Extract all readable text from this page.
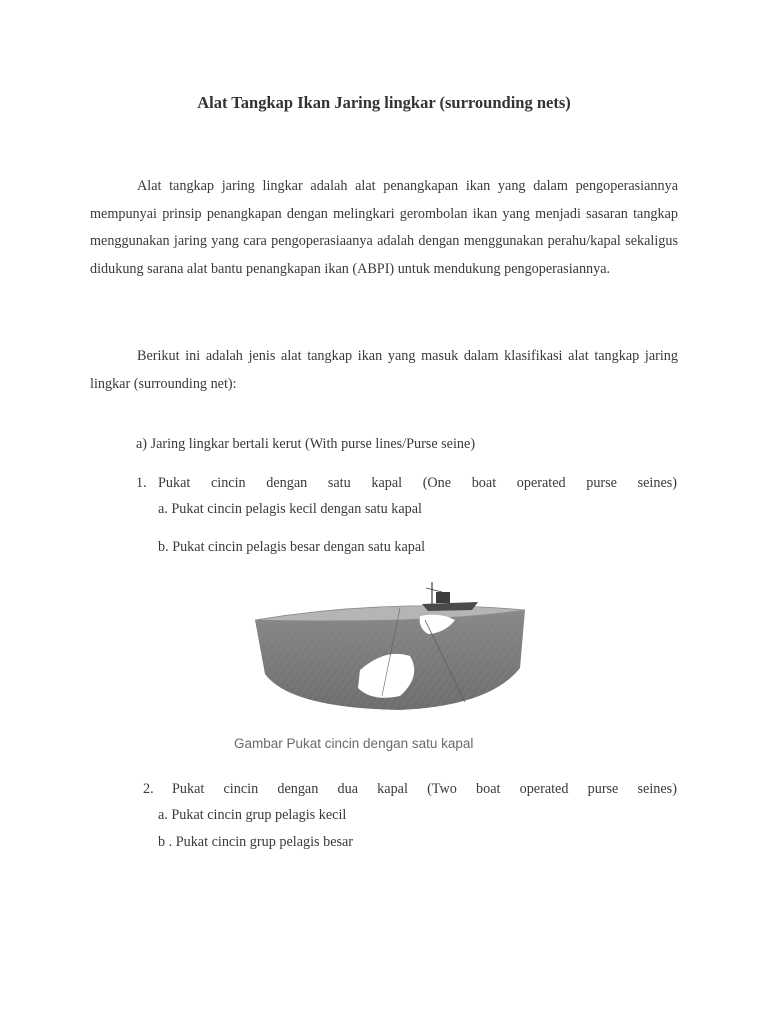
Alat Tangkap Ikan Jaring lingkar (surrounding nets)
Alat tangkap jaring lingkar adalah alat penangkapan ikan yang dalam pengoperasiannya mempunyai prinsip penangkapan dengan melingkari gerombolan ikan yang menjadi sasaran tangkap menggunakan jaring yang cara pengoperasiaanya adalah dengan menggunakan perahu/kapal sekaligus didukung sarana alat bantu penangkapan ikan (ABPI) untuk mendukung pengoperasiannya.
Berikut ini adalah jenis alat tangkap ikan yang masuk dalam klasifikasi alat tangkap jaring lingkar (surrounding net):
a) Jaring lingkar bertali kerut (With purse lines/Purse seine)
1. Pukat cincin dengan satu kapal (One boat operated purse seines)
a. Pukat cincin pelagis kecil dengan satu kapal
b. Pukat cincin pelagis besar dengan satu kapal
Gambar Pukat cincin dengan satu kapal
2. Pukat cincin dengan dua kapal (Two boat operated purse seines)
a. Pukat cincin grup pelagis kecil
b . Pukat cincin grup pelagis besar
